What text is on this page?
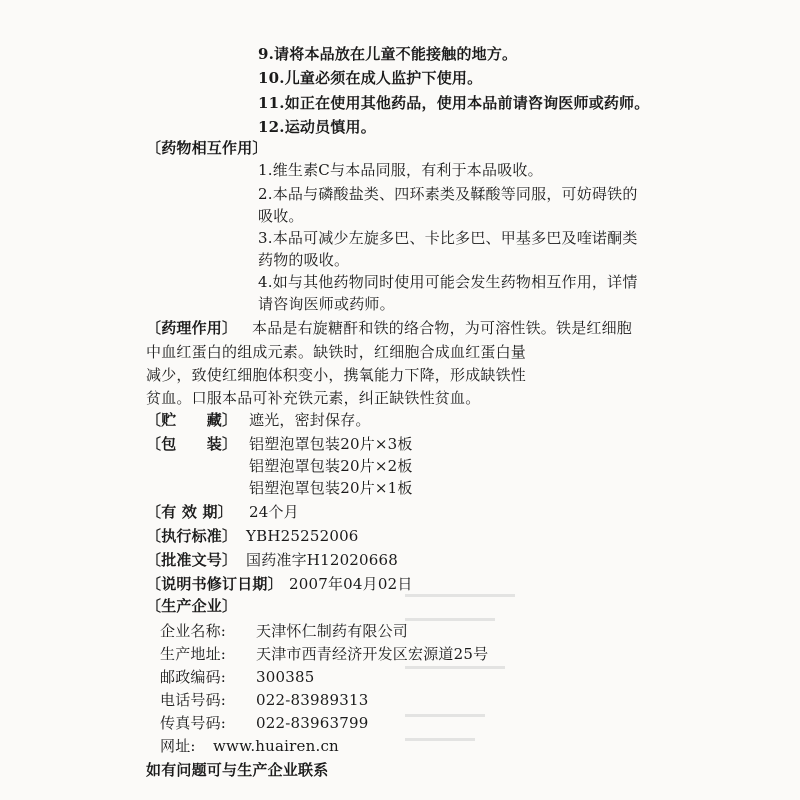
9.请将本品放在儿童不能接触的地方。
10.儿童必须在成人监护下使用。
11.如正在使用其他药品，使用本品前请咨询医师或药师。
12.运动员慎用。
〔药物相互作用〕
1.维生素C与本品同服，有利于本品吸收。
2.本品与磷酸盐类、四环素类及鞣酸等同服，可妨碍铁的
吸收。
3.本品可减少左旋多巴、卡比多巴、甲基多巴及喹诺酮类
药物的吸收。
4.如与其他药物同时使用可能会发生药物相互作用，详情
请咨询医师或药师。
〔药理作用〕 本品是右旋糖酐和铁的络合物，为可溶性铁。铁是红细胞
中血红蛋白的组成元素。缺铁时，红细胞合成血红蛋白量
减少，致使红细胞体积变小，携氧能力下降，形成缺铁性
贫血。口服本品可补充铁元素，纠正缺铁性贫血。
〔贮　　藏〕 遮光，密封保存。
〔包　　装〕 铝塑泡罩包装20片×3板
铝塑泡罩包装20片×2板
铝塑泡罩包装20片×1板
〔有 效 期〕 24个月
〔执行标准〕 YBH25252006
〔批准文号〕 国药准字H12020668
〔说明书修订日期〕 2007年04月02日
〔生产企业〕
企业名称: 天津怀仁制药有限公司
生产地址: 天津市西青经济开发区宏源道25号
邮政编码: 300385
电话号码: 022-83989313
传真号码: 022-83963799
网址: www.huairen.cn
如有问题可与生产企业联系
